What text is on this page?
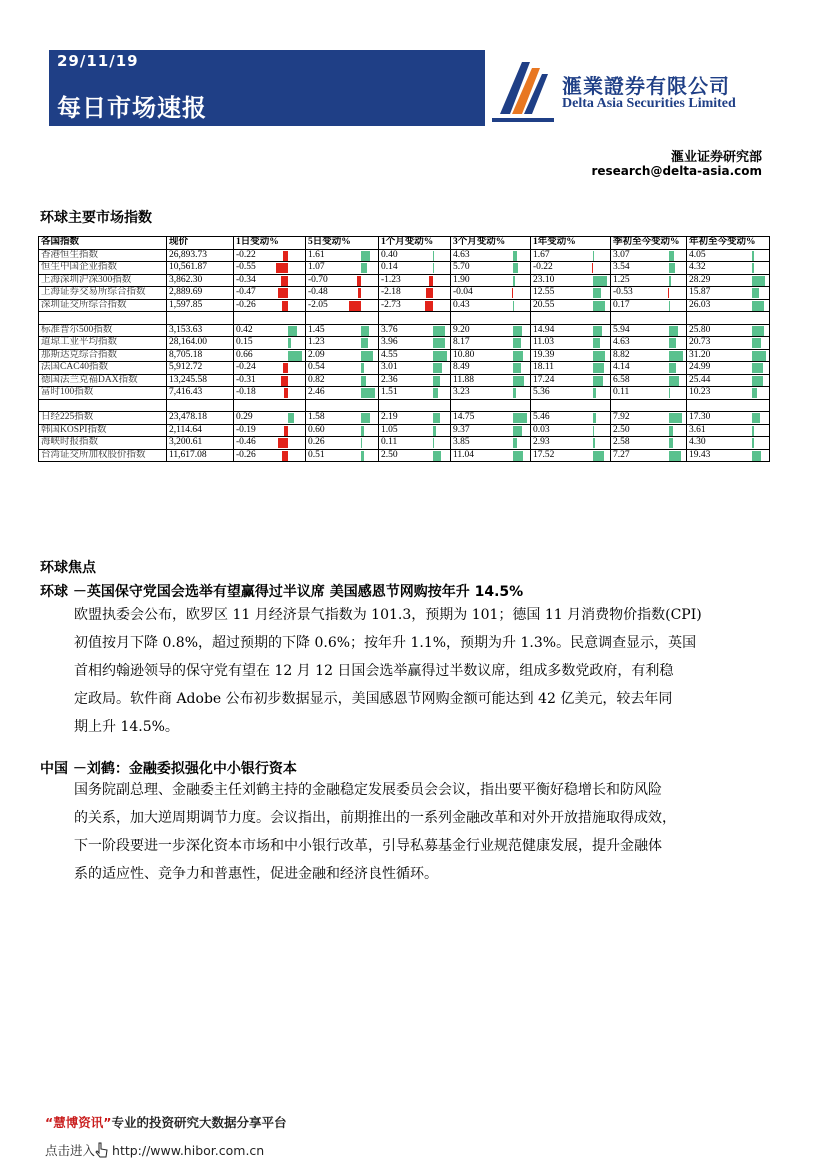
29/11/19
每日市场速报
滙業證券有限公司
Delta Asia Securities Limited
滙业证券研究部
research@delta-asia.com
环球主要市场指数
各国指数	现价	1日变动%	5日变动%	1个月变动%	3个月变动%	1年变动%	季初至今变动%	年初至今变动%
香港恒生指数	26,893.73	-0.22	1.61	0.40	4.63	1.67	3.07	4.05

恒生中国企业指数	10,561.87	-0.55	1.07	0.14	5.70	-0.22	3.54	4.32

上海深圳沪深300指数	3,862.30	-0.34	-0.70	-1.23	1.90	23.10	1.25	28.29

上海证券交易所综合指数	2,889.69	-0.47	-0.48	-2.18	-0.04	12.55	-0.53	15.87

深圳证交所综合指数	1,597.85	-0.26	-2.05	-2.73	0.43	20.55	0.17	26.03

标准普尔500指数	3,153.63	0.42	1.45	3.76	9.20	14.94	5.94	25.80

道琼工业平均指数	28,164.00	0.15	1.23	3.96	8.17	11.03	4.63	20.73

那斯达克综合指数	8,705.18	0.66	2.09	4.55	10.80	19.39	8.82	31.20

法国CAC40指数	5,912.72	-0.24	0.54	3.01	8.49	18.11	4.14	24.99

德国法兰克福DAX指数	13,245.58	-0.31	0.82	2.36	11.88	17.24	6.58	25.44

富时100指数	7,416.43	-0.18	2.46	1.51	3.23	5.36	0.11	10.23

日经225指数	23,478.18	0.29	1.58	2.19	14.75	5.46	7.92	17.30

韩国KOSPI指数	2,114.64	-0.19	0.60	1.05	9.37	0.03	2.50	3.61

海峡时报指数	3,200.61	-0.46	0.26	0.11	3.85	2.93	2.58	4.30

台湾证交所加权股价指数	11,617.08	-0.26	0.51	2.50	11.04	17.52	7.27	19.43
环球焦点
环球 －英国保守党国会选举有望赢得过半议席 美国感恩节网购按年升 14.5%
欧盟执委会公布，欧罗区 11 月经济景气指数为 101.3，预期为 101；德国 11 月消费物价指数(CPI)
初值按月下降 0.8%，超过预期的下降 0.6%；按年升 1.1%，预期为升 1.3%。民意调查显示，英国
首相约翰逊领导的保守党有望在 12 月 12 日国会选举赢得过半数议席，组成多数党政府，有利稳
定政局。软件商 Adobe 公布初步数据显示，美国感恩节网购金额可能达到 42 亿美元，较去年同
期上升 14.5%。
中国 －刘鹤：金融委拟强化中小银行资本
国务院副总理、金融委主任刘鹤主持的金融稳定发展委员会会议，指出要平衡好稳增长和防风险
的关系，加大逆周期调节力度。会议指出，前期推出的一系列金融改革和对外开放措施取得成效，
下一阶段要进一步深化资本市场和中小银行改革，引导私募基金行业规范健康发展，提升金融体
系的适应性、竞争力和普惠性，促进金融和经济良性循环。
“慧博资讯”专业的投资研究大数据分享平台
点击进入 http://www.hibor.com.cn
